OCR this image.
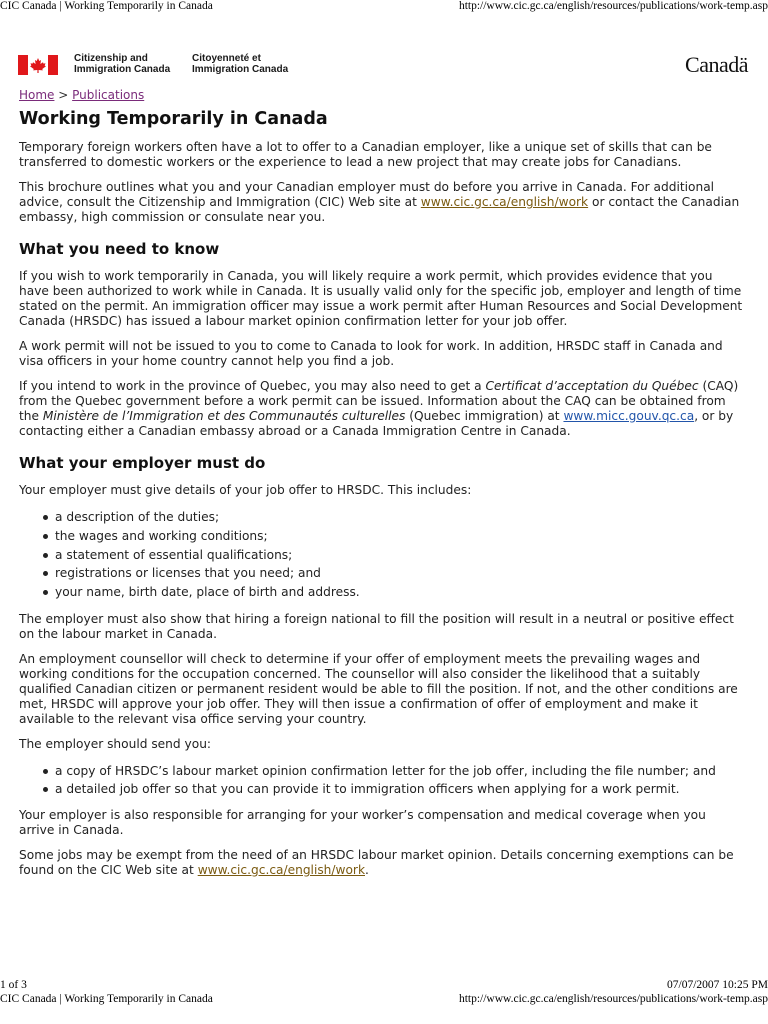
CIC Canada | Working Temporarily in Canada	http://www.cic.gc.ca/english/resources/publications/work-temp.asp
Citizenship and
Immigration Canada
Citoyenneté et
Immigration Canada	Canadä

Home > Publications

Working Temporarily in Canada

Temporary foreign workers often have a lot to offer to a Canadian employer, like a unique set of skills that can be transferred to domestic workers or the experience to lead a new project that may create jobs for Canadians.

This brochure outlines what you and your Canadian employer must do before you arrive in Canada. For additional advice, consult the Citizenship and Immigration (CIC) Web site at www.cic.gc.ca/english/work or contact the Canadian embassy, high commission or consulate near you.

What you need to know

If you wish to work temporarily in Canada, you will likely require a work permit, which provides evidence that you have been authorized to work while in Canada. It is usually valid only for the specific job, employer and length of time stated on the permit. An immigration officer may issue a work permit after Human Resources and Social Development Canada (HRSDC) has issued a labour market opinion confirmation letter for your job offer.

A work permit will not be issued to you to come to Canada to look for work. In addition, HRSDC staff in Canada and visa officers in your home country cannot help you find a job.

If you intend to work in the province of Quebec, you may also need to get a Certificat d’acceptation du Québec (CAQ) from the Quebec government before a work permit can be issued. Information about the CAQ can be obtained from the Ministère de l’Immigration et des Communautés culturelles (Quebec immigration) at www.micc.gouv.qc.ca, or by contacting either a Canadian embassy abroad or a Canada Immigration Centre in Canada.

What your employer must do

Your employer must give details of your job offer to HRSDC. This includes:

a description of the duties;
the wages and working conditions;
a statement of essential qualifications;
registrations or licenses that you need; and
your name, birth date, place of birth and address.

The employer must also show that hiring a foreign national to fill the position will result in a neutral or positive effect on the labour market in Canada.

An employment counsellor will check to determine if your offer of employment meets the prevailing wages and working conditions for the occupation concerned. The counsellor will also consider the likelihood that a suitably qualified Canadian citizen or permanent resident would be able to fill the position. If not, and the other conditions are met, HRSDC will approve your job offer. They will then issue a confirmation of offer of employment and make it available to the relevant visa office serving your country.

The employer should send you:

a copy of HRSDC’s labour market opinion confirmation letter for the job offer, including the file number; and
a detailed job offer so that you can provide it to immigration officers when applying for a work permit.

Your employer is also responsible for arranging for your worker’s compensation and medical coverage when you arrive in Canada.

Some jobs may be exempt from the need of an HRSDC labour market opinion. Details concerning exemptions can be found on the CIC Web site at www.cic.gc.ca/english/work.

1 of 3	07/07/2007 10:25 PM
CIC Canada | Working Temporarily in Canada	http://www.cic.gc.ca/english/resources/publications/work-temp.asp
